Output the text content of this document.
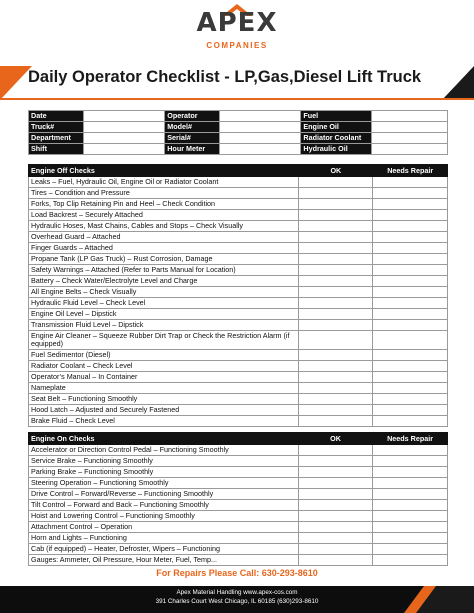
APEX
COMPANIES
Daily Operator Checklist - LP,Gas,Diesel Lift Truck
Date		Operator		Fuel	
Truck#		Model#		Engine Oil	
Department		Serial#		Radiator Coolant	
Shift		Hour Meter		Hydraulic Oil	
Engine Off Checks	OK	Needs Repair
Leaks – Fuel, Hydraulic Oil, Engine Oil or Radiator Coolant		
Tires – Condition and Pressure		
Forks, Top Clip Retaining Pin and Heel – Check Condition		
Load Backrest – Securely Attached		
Hydraulic Hoses, Mast Chains, Cables and Stops – Check Visually		
Overhead Guard – Attached		
Finger Guards – Attached		
Propane Tank (LP Gas Truck) – Rust Corrosion, Damage		
Safety Warnings – Attached (Refer to Parts Manual for Location)		
Battery – Check Water/Electrolyte Level and Charge		
All Engine Belts – Check Visually		
Hydraulic Fluid Level – Check Level		
Engine Oil Level – Dipstick		
Transmission Fluid Level – Dipstick		
Engine Air Cleaner – Squeeze Rubber Dirt Trap or Check the Restriction Alarm (if equipped)		
Fuel Sedimentor (Diesel)		
Radiator Coolant – Check Level		
Operator’s Manual – In Container		
Nameplate		
Seat Belt – Functioning Smoothly		
Hood Latch – Adjusted and Securely Fastened		
Brake Fluid – Check Level		
Engine On Checks	OK	Needs Repair
Accelerator or Direction Control Pedal – Functioning Smoothly		
Service Brake – Functioning Smoothly		
Parking Brake – Functioning Smoothly		
Steering Operation – Functioning Smoothly		
Drive Control – Forward/Reverse – Functioning Smoothly		
Tilt Control – Forward and Back – Functioning Smoothly		
Hoist and Lowering Control – Functioning Smoothly		
Attachment Control – Operation		
Horn and Lights – Functioning		
Cab (if equipped) – Heater, Defroster, Wipers – Functioning		
Gauges: Ammeter, Oil Pressure, Hour Meter, Fuel, Temp...		
For Repairs Please Call: 630-293-8610
Apex Material Handling www.apex-cos.com
391 Charles Court West Chicago, IL 60185 (630)293-8610
